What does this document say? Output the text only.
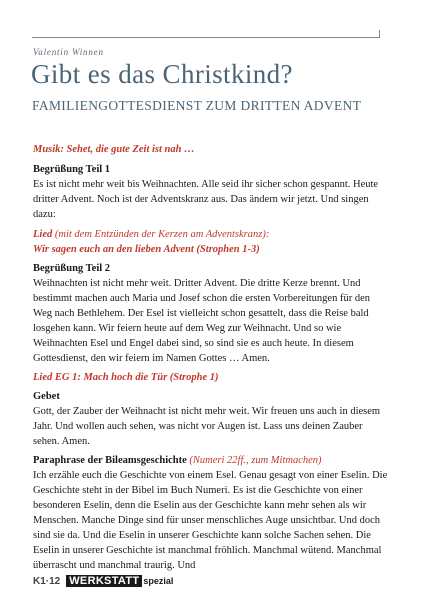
Valentin Winnen
Gibt es das Christkind?
FAMILIENGOTTESDIENST ZUM DRITTEN ADVENT
Musik: Sehet, die gute Zeit ist nah …
Begrüßung Teil 1
Es ist nicht mehr weit bis Weihnachten. Alle seid ihr sicher schon gespannt. Heute dritter Advent. Noch ist der Adventskranz aus. Das ändern wir jetzt. Und singen dazu:
Lied (mit dem Entzünden der Kerzen am Adventskranz):
Wir sagen euch an den lieben Advent (Strophen 1-3)
Begrüßung Teil 2
Weihnachten ist nicht mehr weit. Dritter Advent. Die dritte Kerze brennt. Und bestimmt machen auch Maria und Josef schon die ersten Vorbereitungen für den Weg nach Bethlehem. Der Esel ist vielleicht schon gesattelt, dass die Reise bald losgehen kann. Wir feiern heute auf dem Weg zur Weihnacht. Und so wie Weihnachten Esel und Engel dabei sind, so sind sie es auch heute. In diesem Gottesdienst, den wir feiern im Namen Gottes … Amen.
Lied EG 1: Mach hoch die Tür (Strophe 1)
Gebet
Gott, der Zauber der Weihnacht ist nicht mehr weit. Wir freuen uns auch in diesem Jahr. Und wollen auch sehen, was nicht vor Augen ist. Lass uns deinen Zauber sehen. Amen.
Paraphrase der Bileamsgeschichte (Numeri 22ff., zum Mitmachen)
Ich erzähle euch die Geschichte von einem Esel. Genau gesagt von einer Eselin. Die Geschichte steht in der Bibel im Buch Numeri. Es ist die Geschichte von einer besonderen Eselin, denn die Eselin aus der Geschichte kann mehr sehen als wir Menschen. Manche Dinge sind für unser menschliches Auge unsichtbar. Und doch sind sie da. Und die Eselin in unserer Geschichte kann solche Sachen sehen. Die Eselin in unserer Geschichte ist manchmal fröhlich. Manchmal wütend. Manchmal überrascht und manchmal traurig. Und
K1·12 WERKSTATT spezial
